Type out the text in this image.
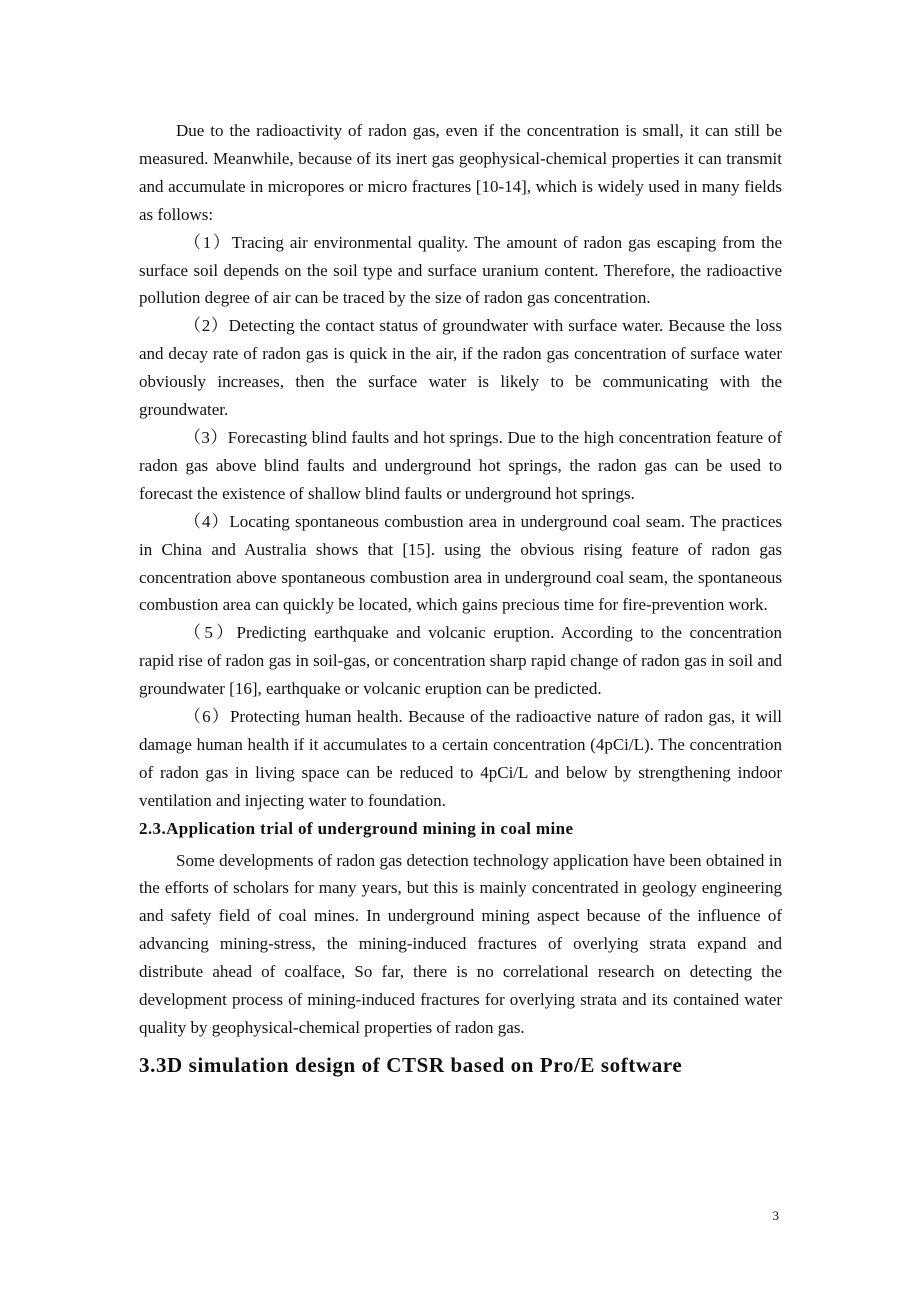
Due to the radioactivity of radon gas, even if the concentration is small, it can still be measured. Meanwhile, because of its inert gas geophysical-chemical properties it can transmit and accumulate in micropores or micro fractures [10-14], which is widely used in many fields as follows:

（1）Tracing air environmental quality. The amount of radon gas escaping from the surface soil depends on the soil type and surface uranium content. Therefore, the radioactive pollution degree of air can be traced by the size of radon gas concentration.

（2）Detecting the contact status of groundwater with surface water. Because the loss and decay rate of radon gas is quick in the air, if the radon gas concentration of surface water obviously increases, then the surface water is likely to be communicating with the groundwater.

（3）Forecasting blind faults and hot springs. Due to the high concentration feature of radon gas above blind faults and underground hot springs, the radon gas can be used to forecast the existence of shallow blind faults or underground hot springs.

（4）Locating spontaneous combustion area in underground coal seam. The practices in China and Australia shows that [15]. using the obvious rising feature of radon gas concentration above spontaneous combustion area in underground coal seam, the spontaneous combustion area can quickly be located, which gains precious time for fire-prevention work.

（5）Predicting earthquake and volcanic eruption. According to the concentration rapid rise of radon gas in soil-gas, or concentration sharp rapid change of radon gas in soil and groundwater [16], earthquake or volcanic eruption can be predicted.

（6）Protecting human health. Because of the radioactive nature of radon gas, it will damage human health if it accumulates to a certain concentration (4pCi/L). The concentration of radon gas in living space can be reduced to 4pCi/L and below by strengthening indoor ventilation and injecting water to foundation.

2.3.Application trial of underground mining in coal mine

Some developments of radon gas detection technology application have been obtained in the efforts of scholars for many years, but this is mainly concentrated in geology engineering and safety field of coal mines. In underground mining aspect because of the influence of advancing mining-stress, the mining-induced fractures of overlying strata expand and distribute ahead of coalface, So far, there is no correlational research on detecting the development process of mining-induced fractures for overlying strata and its contained water quality by geophysical-chemical properties of radon gas.

3.3D simulation design of CTSR based on Pro/E software
3
